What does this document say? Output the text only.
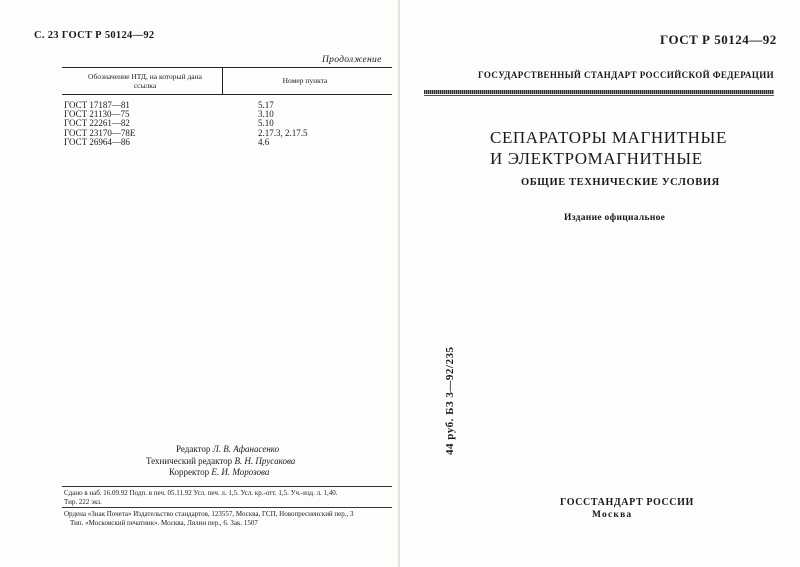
С. 23 ГОСТ Р 50124—92
Продолжение
Обозначение НТД, на который дана ссылка	Номер пункта
ГОСТ 17187—81
ГОСТ 21130—75
ГОСТ 22261—82
ГОСТ 23170—78Е
ГОСТ 26964—86
5.17
3.10
5.10
2.17.3, 2.17.5
4.6
Редактор Л. В. Афанасенко
Технический редактор В. Н. Прусакова
Корректор Е. И. Морозова
Сдано в наб. 16.09.92 Подп. в печ. 05.11.92 Усл. печ. л. 1,5. Усл. кр.-отт. 1,5. Уч.-изд. л. 1,40.
Тир. 222 экз.
Ордена «Знак Почета» Издательство стандартов, 123557, Москва, ГСП, Новопресненский пер., 3
Тип. «Московский печатник». Москва, Лялин пер., 6. Зак. 1507
ГОСТ Р 50124—92
ГОСУДАРСТВЕННЫЙ СТАНДАРТ РОССИЙСКОЙ ФЕДЕРАЦИИ
СЕПАРАТОРЫ МАГНИТНЫЕ
И ЭЛЕКТРОМАГНИТНЫЕ
ОБЩИЕ ТЕХНИЧЕСКИЕ УСЛОВИЯ
Издание официальное
44 руб. БЗ 3—92/235
ГОССТАНДАРТ РОССИИ
Москва
